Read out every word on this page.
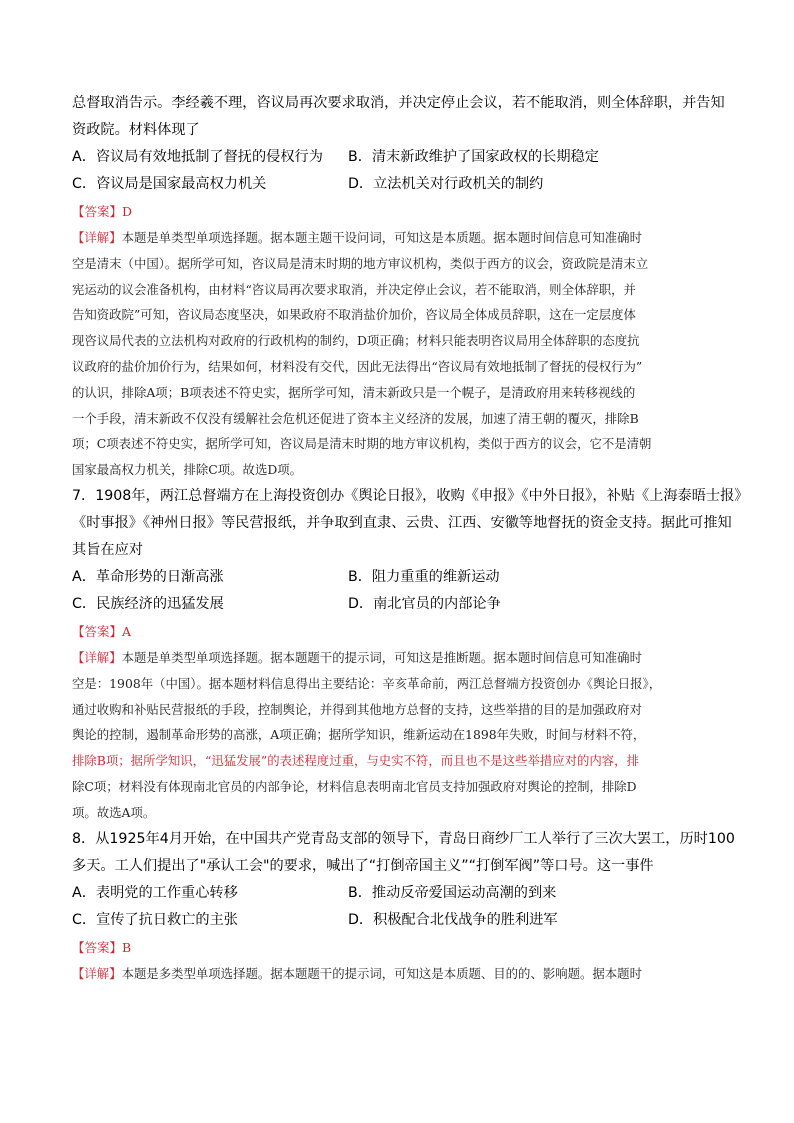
总督取消告示。李经羲不理，咨议局再次要求取消，并决定停止会议，若不能取消，则全体辞职，并告知
资政院。材料体现了
A．咨议局有效地抵制了督抚的侵权行为	B．清末新政维护了国家政权的长期稳定
C．咨议局是国家最高权力机关	D．立法机关对行政机关的制约
【答案】D
【详解】本题是单类型单项选择题。据本题主题干设问词，可知这是本质题。据本题时间信息可知准确时
空是清末（中国）。据所学可知，咨议局是清末时期的地方审议机构，类似于西方的议会，资政院是清末立
宪运动的议会准备机构，由材料“咨议局再次要求取消，并决定停止会议，若不能取消，则全体辞职，并
告知资政院”可知，咨议局态度坚决，如果政府不取消盐价加价，咨议局全体成员辞职，这在一定层度体
现咨议局代表的立法机构对政府的行政机构的制约，D项正确；材料只能表明咨议局用全体辞职的态度抗
议政府的盐价加价行为，结果如何，材料没有交代，因此无法得出“咨议局有效地抵制了督抚的侵权行为”
的认识，排除A项；B项表述不符史实，据所学可知，清末新政只是一个幌子，是清政府用来转移视线的
一个手段，清末新政不仅没有缓解社会危机还促进了资本主义经济的发展，加速了清王朝的覆灭，排除B
项；C项表述不符史实，据所学可知，咨议局是清末时期的地方审议机构，类似于西方的议会，它不是清朝
国家最高权力机关，排除C项。故选D项。
7．1908年，两江总督端方在上海投资创办《舆论日报》，收购《申报》《中外日报》，补贴《上海泰晤士报》
《时事报》《神州日报》等民营报纸，并争取到直隶、云贵、江西、安徽等地督抚的资金支持。据此可推知
其旨在应对
A．革命形势的日渐高涨	B．阻力重重的维新运动
C．民族经济的迅猛发展	D．南北官员的内部论争
【答案】A
【详解】本题是单类型单项选择题。据本题题干的提示词，可知这是推断题。据本题时间信息可知准确时
空是：1908年（中国）。据本题材料信息得出主要结论：辛亥革命前，两江总督端方投资创办《舆论日报》，
通过收购和补贴民营报纸的手段，控制舆论，并得到其他地方总督的支持，这些举措的目的是加强政府对
舆论的控制，遏制革命形势的高涨，A项正确；据所学知识，维新运动在1898年失败，时间与材料不符，
排除B项；据所学知识，“迅猛发展”的表述程度过重，与史实不符，而且也不是这些举措应对的内容，排
除C项；材料没有体现南北官员的内部争论，材料信息表明南北官员支持加强政府对舆论的控制，排除D
项。故选A项。
8．从1925年4月开始，在中国共产党青岛支部的领导下，青岛日商纱厂工人举行了三次大罢工，历时100
多天。工人们提出了"承认工会"的要求，喊出了“打倒帝国主义”“打倒军阀”等口号。这一事件
A．表明党的工作重心转移	B．推动反帝爱国运动高潮的到来
C．宣传了抗日救亡的主张	D．积极配合北伐战争的胜利进军
【答案】B
【详解】本题是多类型单项选择题。据本题题干的提示词，可知这是本质题、目的的、影响题。据本题时
